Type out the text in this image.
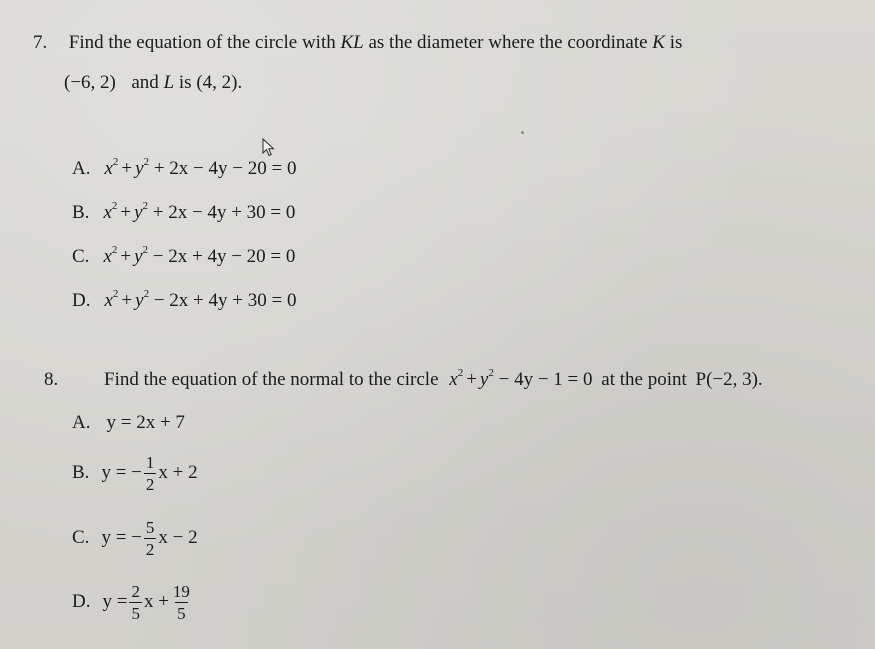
7. Find the equation of the circle with KL as the diameter where the coordinate K is
(−6, 2) and L is (4, 2).
A. $x^2 + y^2 + 2x - 4y - 20 = 0$
B. $x^2 + y^2 + 2x - 4y + 30 = 0$
C. $x^2 + y^2 - 2x + 4y - 20 = 0$
D. $x^2 + y^2 - 2x + 4y + 30 = 0$
8. Find the equation of the normal to the circle $x^2 + y^2 - 4y - 1 = 0$ at the point P(−2, 3).
A. y = 2x + 7
B. y = − $\frac{1}{2}$ x + 2
C. y = − $\frac{5}{2}$ x − 2
D. $y = \frac{2}{5}$ $x + \frac{19}{5}$
